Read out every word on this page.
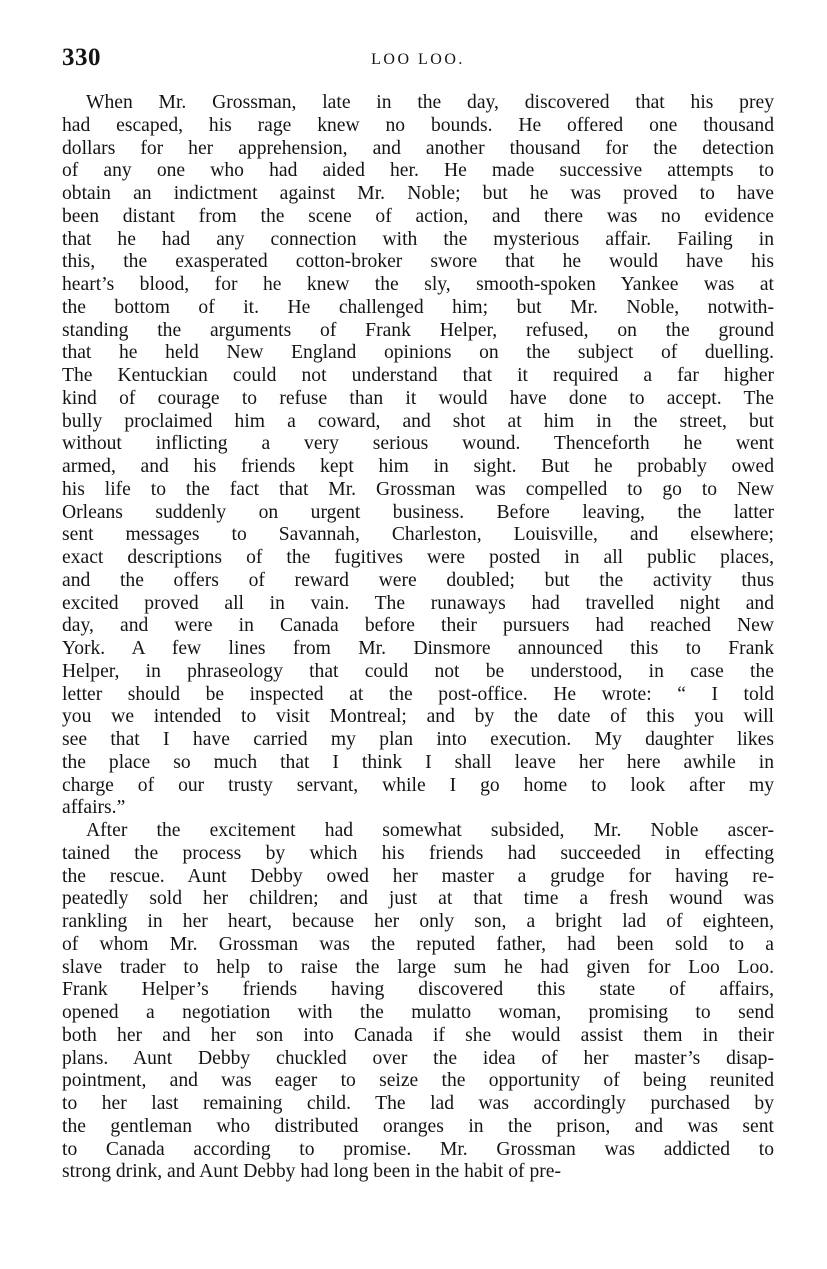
330	LOO LOO.
When Mr. Grossman, late in the day, discovered that his prey
had escaped, his rage knew no bounds. He offered one thousand
dollars for her apprehension, and another thousand for the detection
of any one who had aided her. He made successive attempts to
obtain an indictment against Mr. Noble; but he was proved to have
been distant from the scene of action, and there was no evidence
that he had any connection with the mysterious affair. Failing in
this, the exasperated cotton-broker swore that he would have his
heart’s blood, for he knew the sly, smooth-spoken Yankee was at
the bottom of it. He challenged him; but Mr. Noble, notwith-
standing the arguments of Frank Helper, refused, on the ground
that he held New England opinions on the subject of duelling.
The Kentuckian could not understand that it required a far higher
kind of courage to refuse than it would have done to accept. The
bully proclaimed him a coward, and shot at him in the street, but
without inflicting a very serious wound. Thenceforth he went
armed, and his friends kept him in sight. But he probably owed
his life to the fact that Mr. Grossman was compelled to go to New
Orleans suddenly on urgent business. Before leaving, the latter
sent messages to Savannah, Charleston, Louisville, and elsewhere;
exact descriptions of the fugitives were posted in all public places,
and the offers of reward were doubled; but the activity thus
excited proved all in vain. The runaways had travelled night and
day, and were in Canada before their pursuers had reached New
York. A few lines from Mr. Dinsmore announced this to Frank
Helper, in phraseology that could not be understood, in case the
letter should be inspected at the post-office. He wrote: “ I told
you we intended to visit Montreal; and by the date of this you will
see that I have carried my plan into execution. My daughter likes
the place so much that I think I shall leave her here awhile in
charge of our trusty servant, while I go home to look after my
affairs.”
After the excitement had somewhat subsided, Mr. Noble ascer-
tained the process by which his friends had succeeded in effecting
the rescue. Aunt Debby owed her master a grudge for having re-
peatedly sold her children; and just at that time a fresh wound was
rankling in her heart, because her only son, a bright lad of eighteen,
of whom Mr. Grossman was the reputed father, had been sold to a
slave trader to help to raise the large sum he had given for Loo Loo.
Frank Helper’s friends having discovered this state of affairs,
opened a negotiation with the mulatto woman, promising to send
both her and her son into Canada if she would assist them in their
plans. Aunt Debby chuckled over the idea of her master’s disap-
pointment, and was eager to seize the opportunity of being reunited
to her last remaining child. The lad was accordingly purchased by
the gentleman who distributed oranges in the prison, and was sent
to Canada according to promise. Mr. Grossman was addicted to
strong drink, and Aunt Debby had long been in the habit of pre-
